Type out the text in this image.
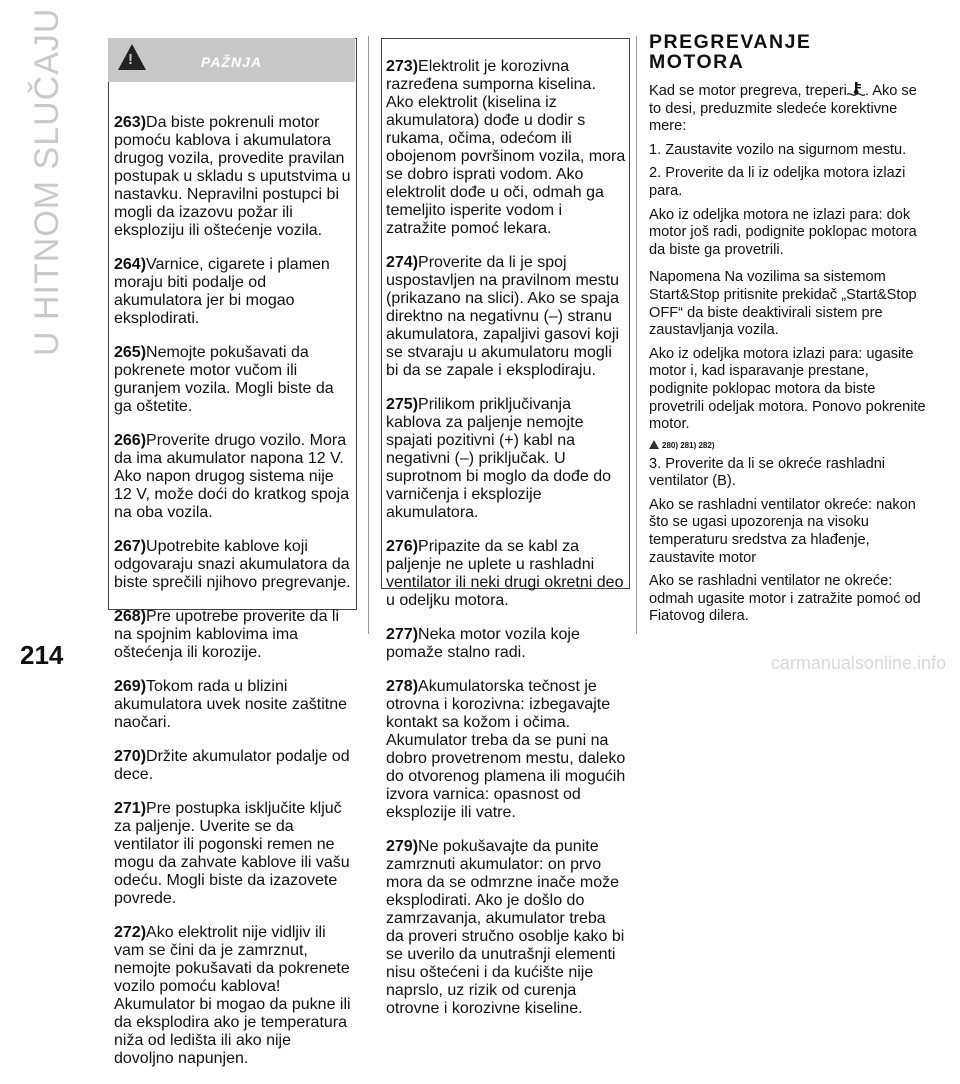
U HITNOM SLUČAJU	!	PAŽNJA

263)Da biste pokrenuli motor pomoću kablova i akumulatora drugog vozila, provedite pravilan postupak u skladu s uputstvima u nastavku. Nepravilni postupci bi mogli da izazovu požar ili eksploziju ili oštećenje vozila.

264)Varnice, cigarete i plamen moraju biti podalje od akumulatora jer bi mogao eksplodirati.

265)Nemojte pokušavati da pokrenete motor vučom ili guranjem vozila. Mogli biste da ga oštetite.

266)Proverite drugo vozilo. Mora da ima akumulator napona 12 V. Ako napon drugog sistema nije 12 V, može doći do kratkog spoja na oba vozila.

267)Upotrebite kablove koji odgovaraju snazi akumulatora da biste sprečili njihovo pregrevanje.

268)Pre upotrebe proverite da li na spojnim kablovima ima oštećenja ili korozije.

269)Tokom rada u blizini akumulatora uvek nosite zaštitne naočari.

270)Držite akumulator podalje od dece.

271)Pre postupka isključite ključ za paljenje. Uverite se da ventilator ili pogonski remen ne mogu da zahvate kablove ili vašu odeću. Mogli biste da izazovete povrede.

272)Ako elektrolit nije vidljiv ili vam se čini da je zamrznut, nemojte pokušavati da pokrenete vozilo pomoću kablova! Akumulator bi mogao da pukne ili da eksplodira ako je temperatura niža od ledišta ili ako nije dovoljno napunjen.

273)Elektrolit je korozivna razređena sumporna kiselina. Ako elektrolit (kiselina iz akumulatora) dođe u dodir s rukama, očima, odećom ili obojenom površinom vozila, mora se dobro isprati vodom. Ako elektrolit dođe u oči, odmah ga temeljito isperite vodom i zatražite pomoć lekara.

274)Proverite da li je spoj uspostavljen na pravilnom mestu (prikazano na slici). Ako se spaja direktno na negativnu (–) stranu akumulatora, zapaljivi gasovi koji se stvaraju u akumulatoru mogli bi da se zapale i eksplodiraju.

275)Prilikom priključivanja kablova za paljenje nemojte spajati pozitivni (+) kabl na negativni (–) priključak. U suprotnom bi moglo da dođe do varničenja i eksplozije akumulatora.

276)Pripazite da se kabl za paljenje ne uplete u rashladni ventilator ili neki drugi okretni deo u odeljku motora.

277)Neka motor vozila koje pomaže stalno radi.

278)Akumulatorska tečnost je otrovna i korozivna: izbegavajte kontakt sa kožom i očima. Akumulator treba da se puni na dobro provetrenom mestu, daleko do otvorenog plamena ili mogućih izvora varnica: opasnost od eksplozije ili vatre.

279)Ne pokušavajte da punite zamrznuti akumulator: on prvo mora da se odmrzne inače može eksplodirati. Ako je došlo do zamrzavanja, akumulator treba da proveri stručno osoblje kako bi se uverilo da unutrašnji elementi nisu oštećeni i da kućište nije naprslo, uz rizik od curenja otrovne i korozivne kiseline.

PREGREVANJE MOTORA

Kad se motor pregreva, treperi . Ako se to desi, preduzmite sledeće korektivne mere:

1. Zaustavite vozilo na sigurnom mestu.

2. Proverite da li iz odeljka motora izlazi para.

Ako iz odeljka motora ne izlazi para: dok motor još radi, podignite poklopac motora da biste ga provetrili.

Napomena Na vozilima sa sistemom Start&Stop pritisnite prekidač „Start&Stop OFF“ da biste deaktivirali sistem pre zaustavljanja vozila.

Ako iz odeljka motora izlazi para: ugasite motor i, kad isparavanje prestane, podignite poklopac motora da biste provetrili odeljak motora. Ponovo pokrenite motor.

280) 281) 282)

3. Proverite da li se okreće rashladni ventilator (B).

Ako se rashladni ventilator okreće: nakon što se ugasi upozorenja na visoku temperaturu sredstva za hlađenje, zaustavite motor

Ako se rashladni ventilator ne okreće: odmah ugasite motor i zatražite pomoć od Fiatovog dilera.

214	carmanualsonline.info
